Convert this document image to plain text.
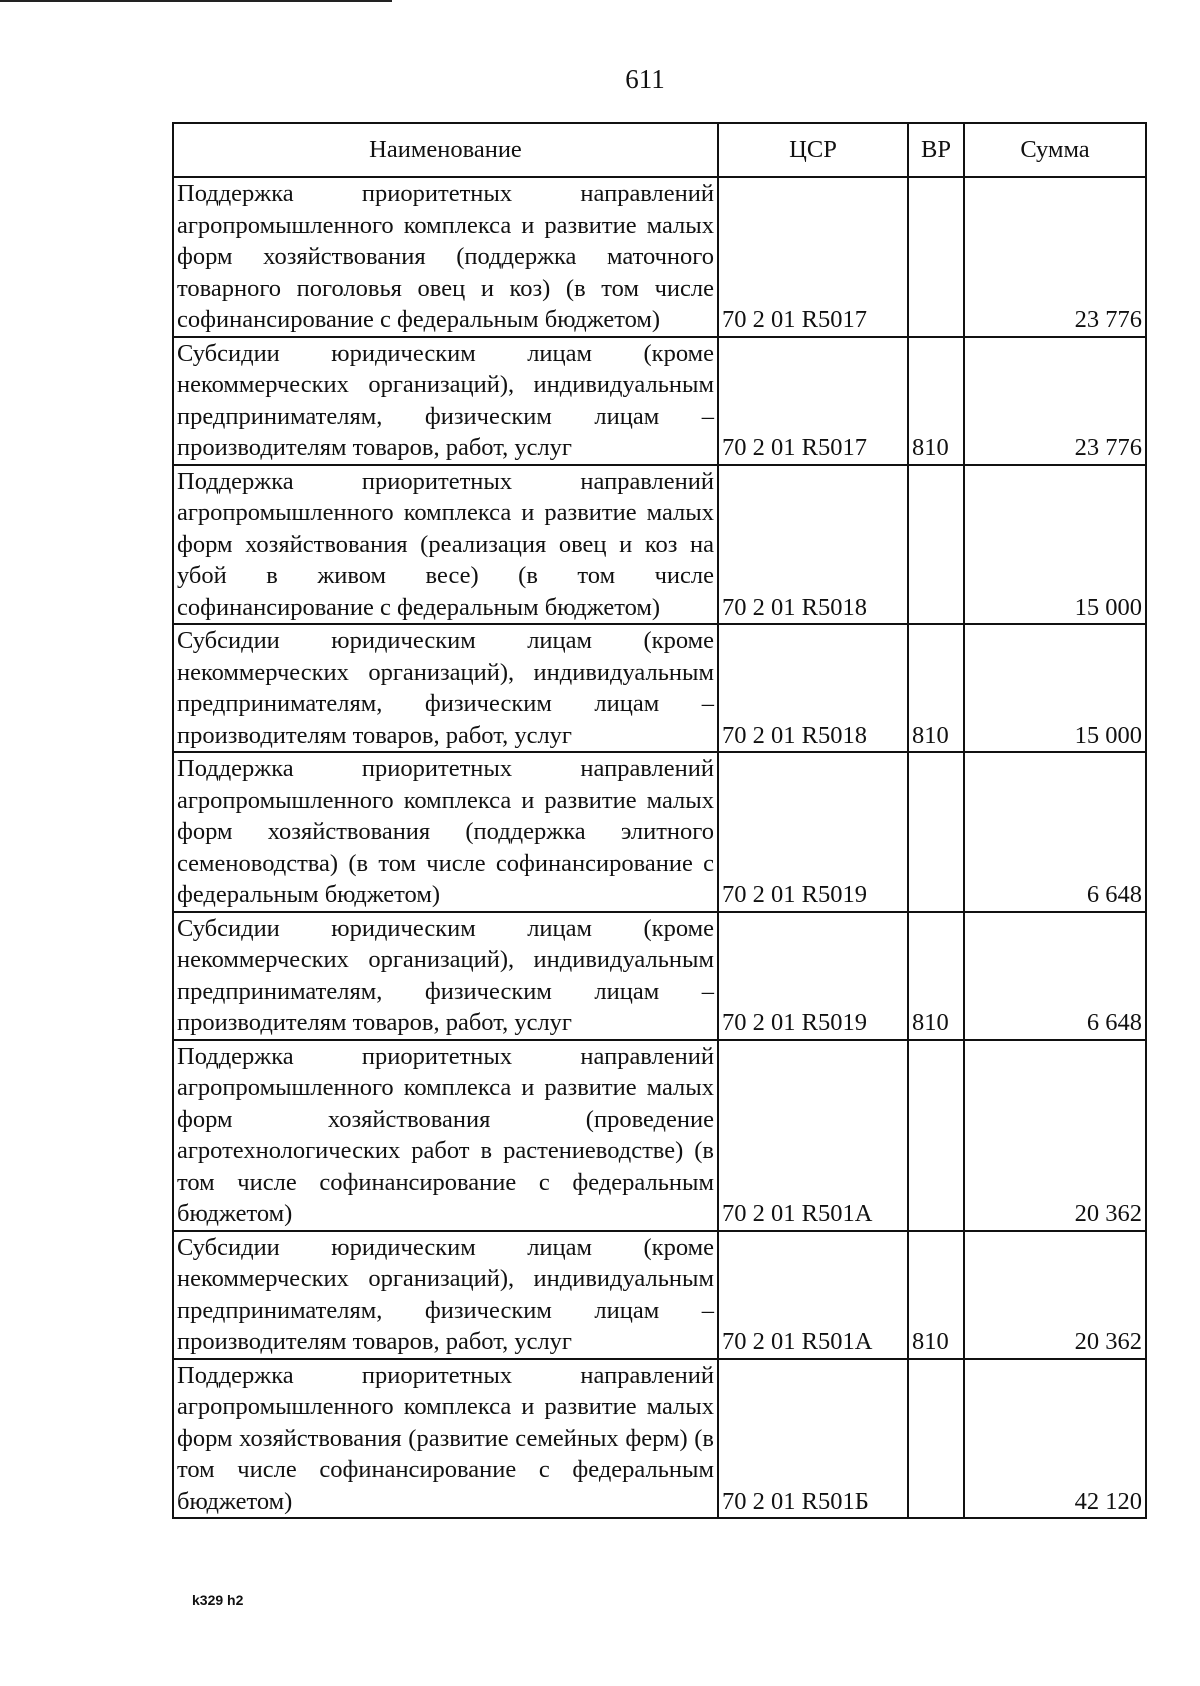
611
Наименование	ЦСР	ВР	Сумма
Поддержка приоритетных направлений агропромышленного комплекса и развитие малых форм хозяйствования (поддержка маточного товарного поголовья овец и коз) (в том числе софинансирование с федеральным бюджетом)	70 2 01 R5017		23 776
Субсидии юридическим лицам (кроме некоммерческих организаций), индивидуальным предпринимателям, физическим лицам – производителям товаров, работ, услуг	70 2 01 R5017	810	23 776
Поддержка приоритетных направлений агропромышленного комплекса и развитие малых форм хозяйствования (реализация овец и коз на убой в живом весе) (в том числе софинансирование с федеральным бюджетом)	70 2 01 R5018		15 000
Субсидии юридическим лицам (кроме некоммерческих организаций), индивидуальным предпринимателям, физическим лицам – производителям товаров, работ, услуг	70 2 01 R5018	810	15 000
Поддержка приоритетных направлений агропромышленного комплекса и развитие малых форм хозяйствования (поддержка элитного семеноводства) (в том числе софинансирование с федеральным бюджетом)	70 2 01 R5019		6 648
Субсидии юридическим лицам (кроме некоммерческих организаций), индивидуальным предпринимателям, физическим лицам – производителям товаров, работ, услуг	70 2 01 R5019	810	6 648
Поддержка приоритетных направлений агропромышленного комплекса и развитие малых форм хозяйствования (проведение агротехнологических работ в растениеводстве) (в том числе софинансирование с федеральным бюджетом)	70 2 01 R501A		20 362
Субсидии юридическим лицам (кроме некоммерческих организаций), индивидуальным предпринимателям, физическим лицам – производителям товаров, работ, услуг	70 2 01 R501A	810	20 362
Поддержка приоритетных направлений агропромышленного комплекса и развитие малых форм хозяйствования (развитие семейных ферм) (в том числе софинансирование с федеральным бюджетом)	70 2 01 R501Б		42 120
k329 h2
